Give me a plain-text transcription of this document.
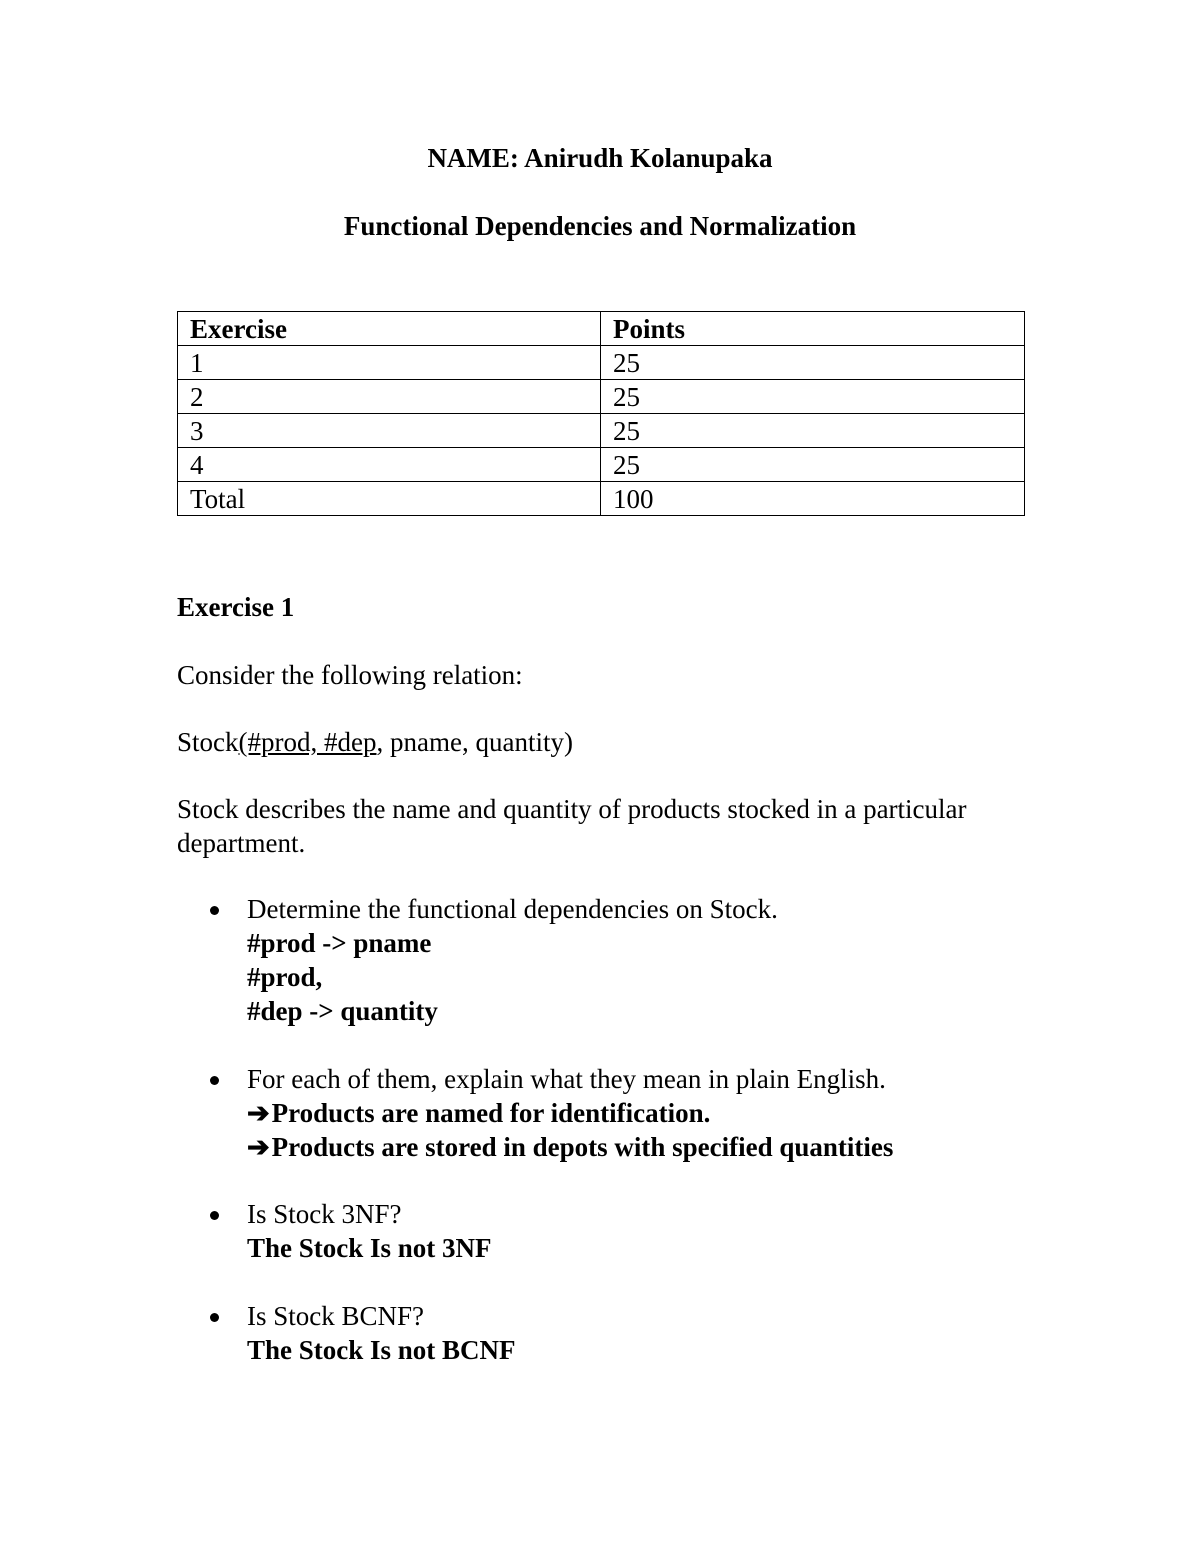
NAME: Anirudh Kolanupaka
Functional Dependencies and Normalization
Exercise	Points
1	25
2	25
3	25
4	25
Total	100
Exercise 1
Consider the following relation:
Stock(#prod, #dep, pname, quantity)
Stock describes the name and quantity of products stocked in a particular department.
Determine the functional dependencies on Stock.
#prod -> pname
#prod,
#dep -> quantity
For each of them, explain what they mean in plain English.
➔Products are named for identification.
➔Products are stored in depots with specified quantities
Is Stock 3NF?
The Stock Is not 3NF
Is Stock BCNF?
The Stock Is not BCNF
